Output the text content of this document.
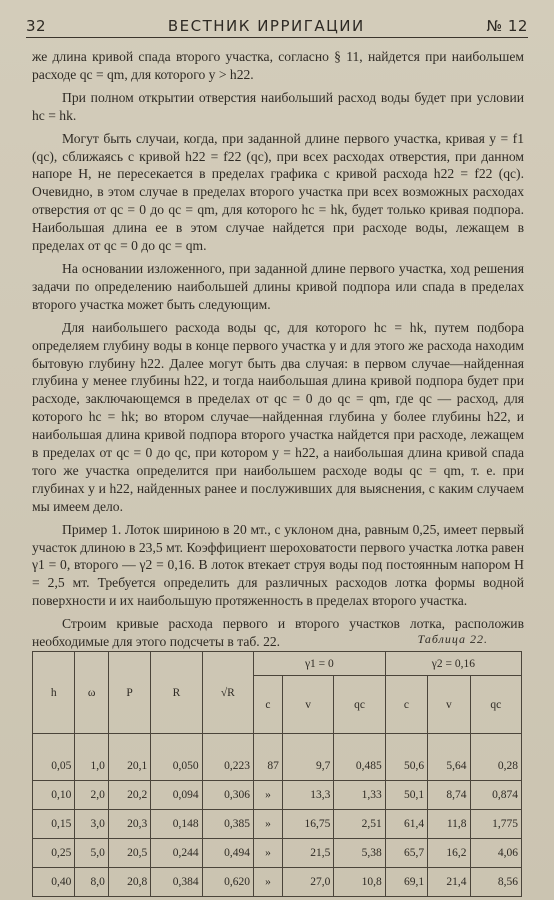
32	ВЕСТНИК ИРРИГАЦИИ	№ 12

же длина кривой спада второго участка, согласно § 11, найдется при наибольшем расходе qc = qm, для которого y > h22.

При полном открытии отверстия наибольший расход воды будет при условии hc = hk.

Могут быть случаи, когда, при заданной длине первого участка, кривая y = f1 (qc), сближаясь с кривой h22 = f22 (qc), при всех расходах отверстия, при данном напоре H, не пересекается в пределах графика с кривой расхода h22 = f22 (qc). Очевидно, в этом случае в пределах второго участка при всех возможных расходах отверстия от qc = 0 до qc = qm, для которого hc = hk, будет только кривая подпора. Наибольшая длина ее в этом случае найдется при расходе воды, лежащем в пределах от qc = 0 до qc = qm.

На основании изложенного, при заданной длине первого участка, ход решения задачи по определению наибольшей длины кривой подпора или спада в пределах второго участка может быть следующим.

Для наибольшего расхода воды qc, для которого hc = hk, путем подбора определяем глубину воды в конце первого участка y и для этого же расхода находим бытовую глубину h22. Далее могут быть два случая: в первом случае—найденная глубина y менее глубины h22, и тогда наибольшая длина кривой подпора будет при расходе, заключающемся в пределах от qc = 0 до qc = qm, где qc — расход, для которого hc = hk; во втором случае—найденная глубина y более глубины h22, и наибольшая длина кривой подпора второго участка найдется при расходе, лежащем в пределах от qc = 0 до qc, при котором y = h22, а наибольшая длина кривой спада того же участка определится при наибольшем расходе воды qc = qm, т. е. при глубинах y и h22, найденных ранее и послуживших для выяснения, с каким случаем мы имеем дело.

Пример 1. Лоток шириною в 20 мт., с уклоном дна, равным 0,25, имеет первый участок длиною в 23,5 мт. Коэффициент шероховатости первого участка лотка равен γ1 = 0, второго — γ2 = 0,16. В лоток втекает струя воды под постоянным напором H = 2,5 мт. Требуется определить для различных расходов лотка формы водной поверхности и их наибольшую протяженность в пределах второго участка.

Строим кривые расхода первого и второго участков лотка, расположив необходимые для этого подсчеты в таб. 22.	Таблица 22.
h	ω	P	R	√R	γ1 = 0			γ2 = 0,16		
					c	v	qc	c	v	qc
0,05	1,0	20,1	0,050	0,223	87	9,7	0,485	50,6	5,64	0,28
0,10	2,0	20,2	0,094	0,306	»	13,3	1,33	50,1	8,74	0,874
0,15	3,0	20,3	0,148	0,385	»	16,75	2,51	61,4	11,8	1,775
0,25	5,0	20,5	0,244	0,494	»	21,5	5,38	65,7	16,2	4,06
0,40	8,0	20,8	0,384	0,620	»	27,0	10,8	69,1	21,4	8,56
